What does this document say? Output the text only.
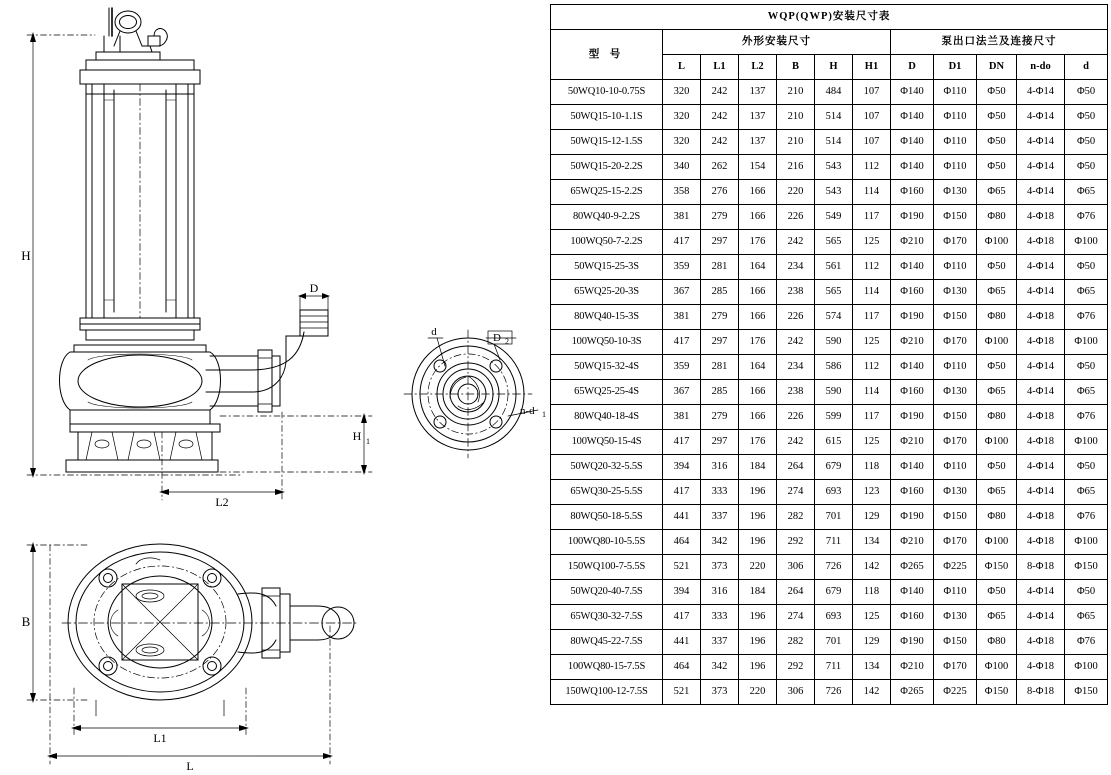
H
D
H 1
L2
d	D 2
n-d 1
B
L1
L
WQP(QWP)安装尺寸表											
型 号	外形安装尺寸						泵出口法兰及连接尺寸				
	L	L1	L2	B	H	H1	D	D1	DN	n-do	d
50WQ10-10-0.75S	320	242	137	210	484	107	Φ140	Φ110	Φ50	4-Φ14	Φ50
50WQ15-10-1.1S	320	242	137	210	514	107	Φ140	Φ110	Φ50	4-Φ14	Φ50
50WQ15-12-1.5S	320	242	137	210	514	107	Φ140	Φ110	Φ50	4-Φ14	Φ50
50WQ15-20-2.2S	340	262	154	216	543	112	Φ140	Φ110	Φ50	4-Φ14	Φ50
65WQ25-15-2.2S	358	276	166	220	543	114	Φ160	Φ130	Φ65	4-Φ14	Φ65
80WQ40-9-2.2S	381	279	166	226	549	117	Φ190	Φ150	Φ80	4-Φ18	Φ76
100WQ50-7-2.2S	417	297	176	242	565	125	Φ210	Φ170	Φ100	4-Φ18	Φ100
50WQ15-25-3S	359	281	164	234	561	112	Φ140	Φ110	Φ50	4-Φ14	Φ50
65WQ25-20-3S	367	285	166	238	565	114	Φ160	Φ130	Φ65	4-Φ14	Φ65
80WQ40-15-3S	381	279	166	226	574	117	Φ190	Φ150	Φ80	4-Φ18	Φ76
100WQ50-10-3S	417	297	176	242	590	125	Φ210	Φ170	Φ100	4-Φ18	Φ100
50WQ15-32-4S	359	281	164	234	586	112	Φ140	Φ110	Φ50	4-Φ14	Φ50
65WQ25-25-4S	367	285	166	238	590	114	Φ160	Φ130	Φ65	4-Φ14	Φ65
80WQ40-18-4S	381	279	166	226	599	117	Φ190	Φ150	Φ80	4-Φ18	Φ76
100WQ50-15-4S	417	297	176	242	615	125	Φ210	Φ170	Φ100	4-Φ18	Φ100
50WQ20-32-5.5S	394	316	184	264	679	118	Φ140	Φ110	Φ50	4-Φ14	Φ50
65WQ30-25-5.5S	417	333	196	274	693	123	Φ160	Φ130	Φ65	4-Φ14	Φ65
80WQ50-18-5.5S	441	337	196	282	701	129	Φ190	Φ150	Φ80	4-Φ18	Φ76
100WQ80-10-5.5S	464	342	196	292	711	134	Φ210	Φ170	Φ100	4-Φ18	Φ100
150WQ100-7-5.5S	521	373	220	306	726	142	Φ265	Φ225	Φ150	8-Φ18	Φ150
50WQ20-40-7.5S	394	316	184	264	679	118	Φ140	Φ110	Φ50	4-Φ14	Φ50
65WQ30-32-7.5S	417	333	196	274	693	125	Φ160	Φ130	Φ65	4-Φ14	Φ65
80WQ45-22-7.5S	441	337	196	282	701	129	Φ190	Φ150	Φ80	4-Φ18	Φ76
100WQ80-15-7.5S	464	342	196	292	711	134	Φ210	Φ170	Φ100	4-Φ18	Φ100
150WQ100-12-7.5S	521	373	220	306	726	142	Φ265	Φ225	Φ150	8-Φ18	Φ150
